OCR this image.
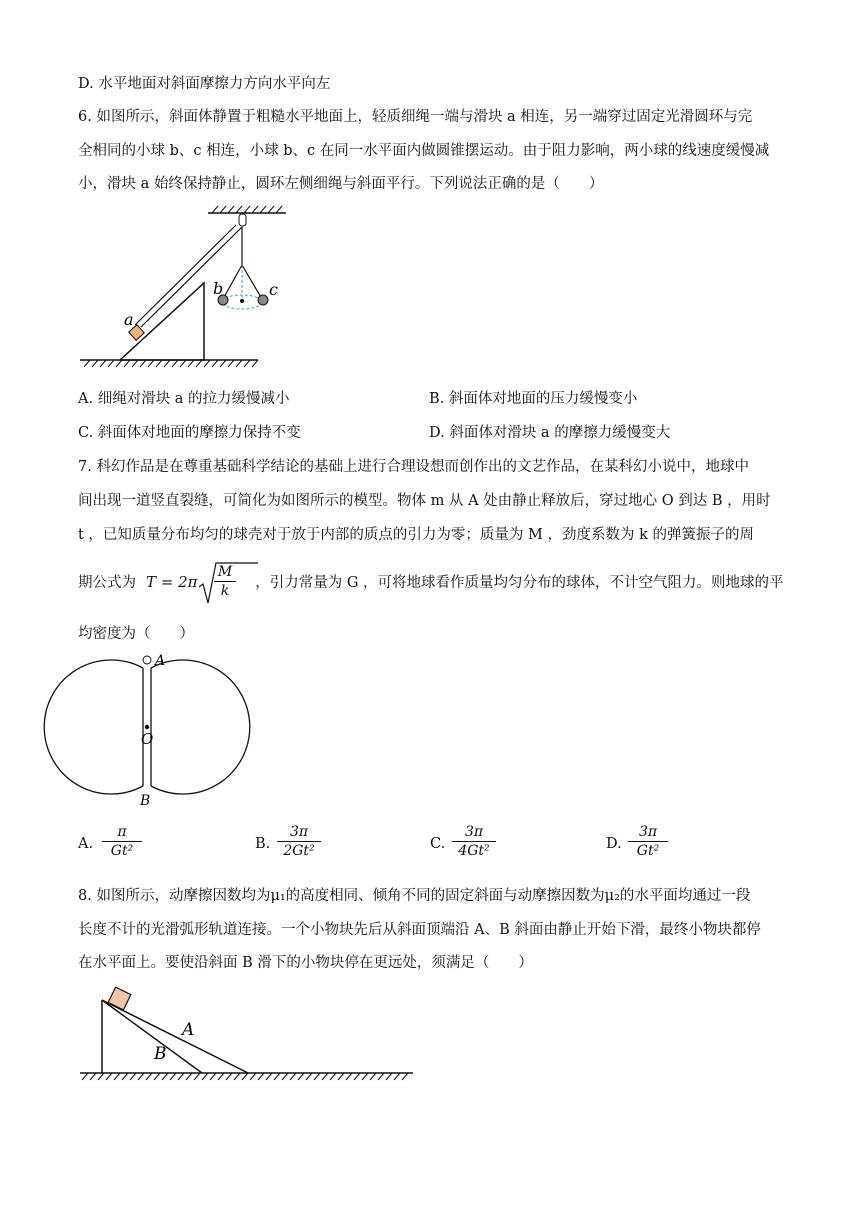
D. 水平地面对斜面摩擦力方向水平向左
6. 如图所示，斜面体静置于粗糙水平地面上，轻质细绳一端与滑块 a 相连，另一端穿过固定光滑圆环与完
全相同的小球 b、c 相连，小球 b、c 在同一水平面内做圆锥摆运动。由于阻力影响，两小球的线速度缓慢减
小，滑块 a 始终保持静止，圆环左侧细绳与斜面平行。下列说法正确的是（　　）
b	c
a
A. 细绳对滑块 a 的拉力缓慢减小	B. 斜面体对地面的压力缓慢变小
C. 斜面体对地面的摩擦力保持不变	D. 斜面体对滑块 a 的摩擦力缓慢变大
7. 科幻作品是在尊重基础科学结论的基础上进行合理设想而创作出的文艺作品，在某科幻小说中，地球中
间出现一道竖直裂缝，可简化为如图所示的模型。物体 m 从 A 处由静止释放后，穿过地心 O 到达 B ，用时
t ，已知质量分布均匀的球壳对于放于内部的质点的引力为零；质量为 M ，劲度系数为 k 的弹簧振子的周
期公式为	，引力常量为 G ，可将地球看作质量均匀分布的球体，不计空气阻力。则地球的平
$T = 2\pi \frac{M}{k}$
均密度为（　　）
A
O
B
A. $\frac{\pi}{\text{Gt²}}$	B. $\frac{3\pi}{\text{2Gt²}}$	C. $\frac{3\pi}{\text{4Gt²}}$	D. $\frac{3\pi}{\text{Gt²}}$
8. 如图所示，动摩擦因数均为μ₁的高度相同、倾角不同的固定斜面与动摩擦因数为μ₂的水平面均通过一段
长度不计的光滑弧形轨道连接。一个小物块先后从斜面顶端沿 A、B 斜面由静止开始下滑，最终小物块都停
在水平面上。要使沿斜面 B 滑下的小物块停在更远处，须满足（　　）
A
B
